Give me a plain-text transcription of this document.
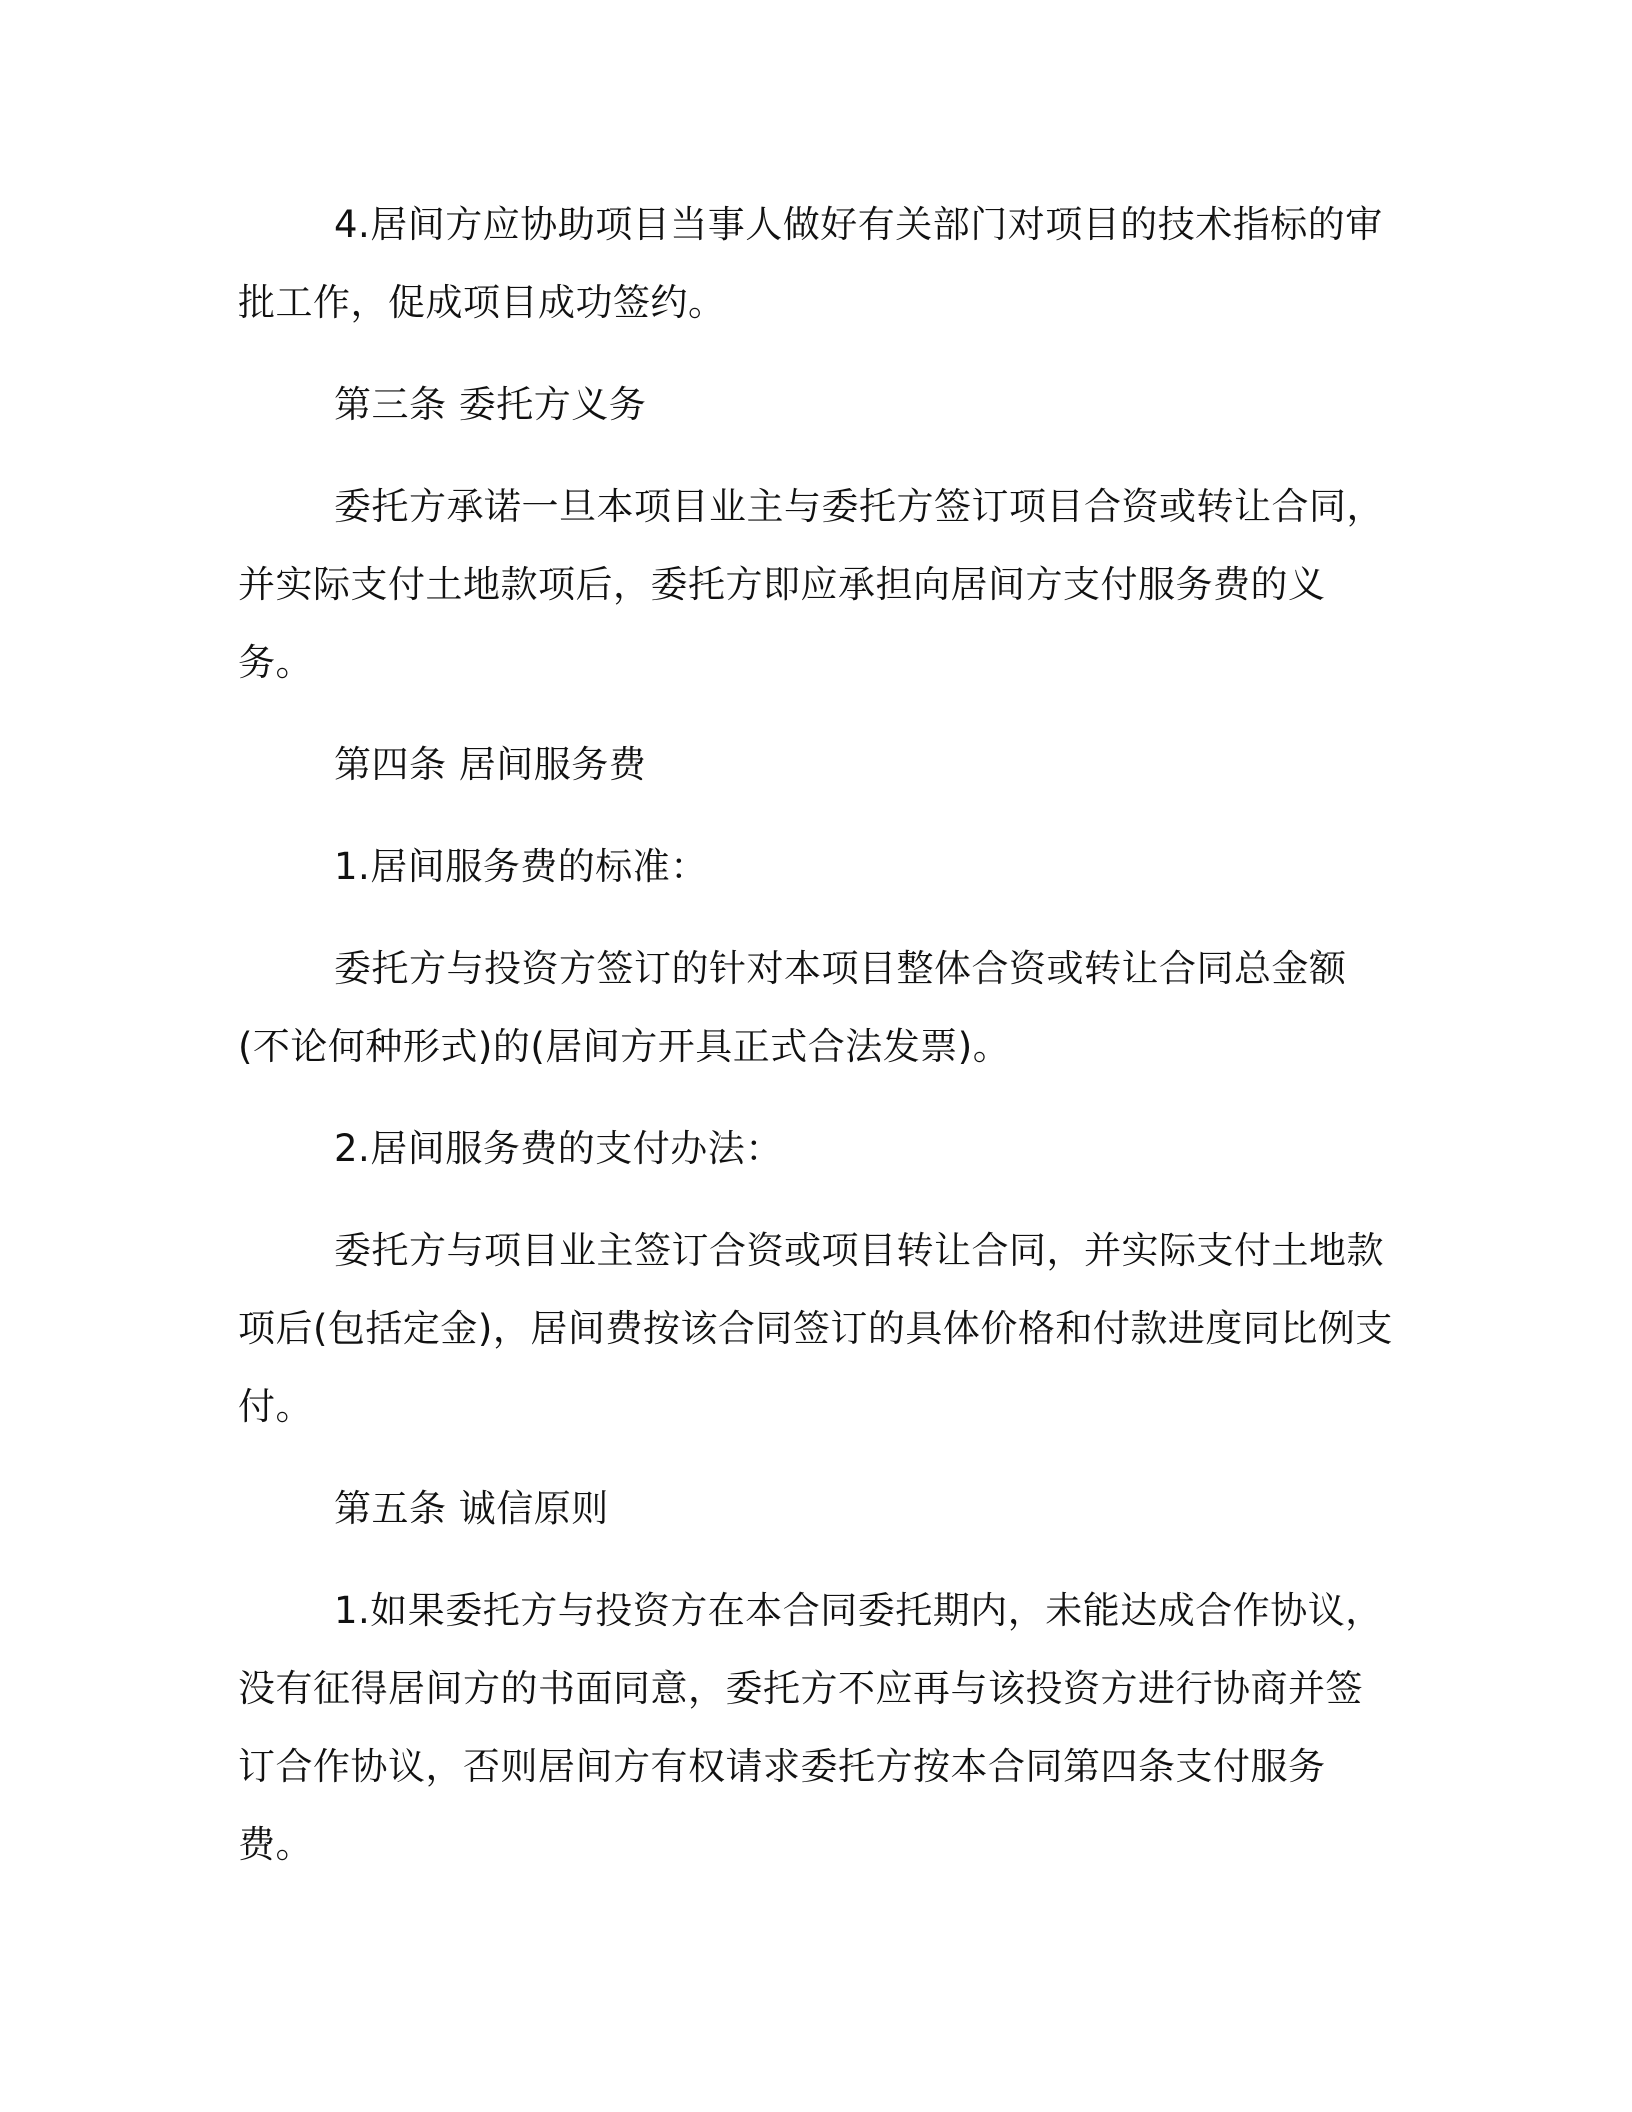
4.居间方应协助项目当事人做好有关部门对项目的技术指标的审批工作，促成项目成功签约。

第三条 委托方义务

委托方承诺一旦本项目业主与委托方签订项目合资或转让合同，并实际支付土地款项后，委托方即应承担向居间方支付服务费的义务。

第四条 居间服务费

1.居间服务费的标准：

委托方与投资方签订的针对本项目整体合资或转让合同总金额(不论何种形式)的(居间方开具正式合法发票)。

2.居间服务费的支付办法：

委托方与项目业主签订合资或项目转让合同，并实际支付土地款项后(包括定金)，居间费按该合同签订的具体价格和付款进度同比例支付。

第五条 诚信原则

1.如果委托方与投资方在本合同委托期内，未能达成合作协议，没有征得居间方的书面同意，委托方不应再与该投资方进行协商并签订合作协议，否则居间方有权请求委托方按本合同第四条支付服务费。
